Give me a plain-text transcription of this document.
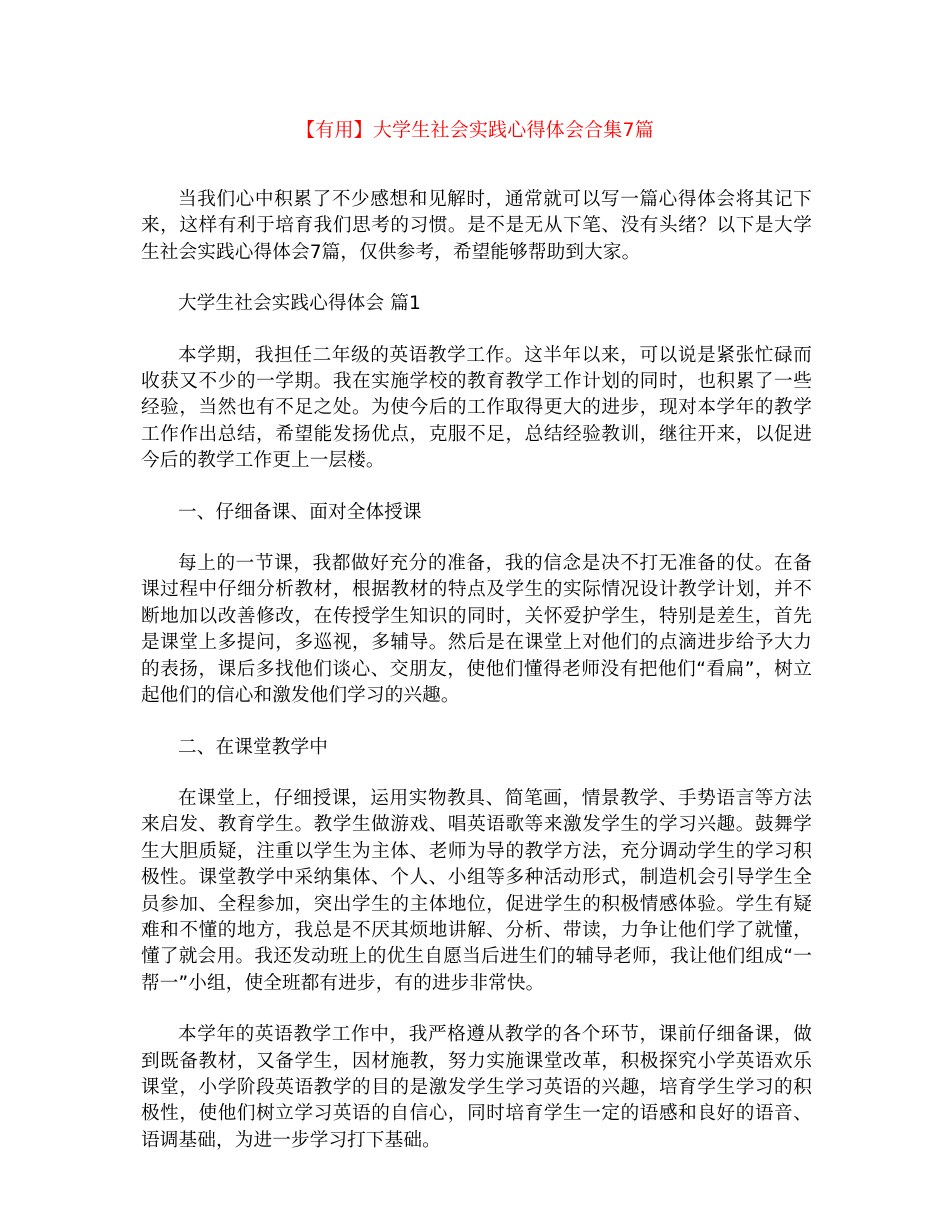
【有用】大学生社会实践心得体会合集7篇

当我们心中积累了不少感想和见解时，通常就可以写一篇心得体会将其记下来，这样有利于培育我们思考的习惯。是不是无从下笔、没有头绪？以下是大学生社会实践心得体会7篇，仅供参考，希望能够帮助到大家。

大学生社会实践心得体会 篇1

本学期，我担任二年级的英语教学工作。这半年以来，可以说是紧张忙碌而收获又不少的一学期。我在实施学校的教育教学工作计划的同时，也积累了一些经验，当然也有不足之处。为使今后的工作取得更大的进步，现对本学年的教学工作作出总结，希望能发扬优点，克服不足，总结经验教训，继往开来，以促进今后的教学工作更上一层楼。

一、仔细备课、面对全体授课

每上的一节课，我都做好充分的准备，我的信念是决不打无准备的仗。在备课过程中仔细分析教材，根据教材的特点及学生的实际情况设计教学计划，并不断地加以改善修改，在传授学生知识的同时，关怀爱护学生，特别是差生，首先是课堂上多提问，多巡视，多辅导。然后是在课堂上对他们的点滴进步给予大力的表扬，课后多找他们谈心、交朋友，使他们懂得老师没有把他们“看扁”，树立起他们的信心和激发他们学习的兴趣。

二、在课堂教学中

在课堂上，仔细授课，运用实物教具、简笔画，情景教学、手势语言等方法来启发、教育学生。教学生做游戏、唱英语歌等来激发学生的学习兴趣。鼓舞学生大胆质疑，注重以学生为主体、老师为导的教学方法，充分调动学生的学习积极性。课堂教学中采纳集体、个人、小组等多种活动形式，制造机会引导学生全员参加、全程参加，突出学生的主体地位，促进学生的积极情感体验。学生有疑难和不懂的地方，我总是不厌其烦地讲解、分析、带读，力争让他们学了就懂，懂了就会用。我还发动班上的优生自愿当后进生们的辅导老师，我让他们组成“一帮一”小组，使全班都有进步，有的进步非常快。

本学年的英语教学工作中，我严格遵从教学的各个环节，课前仔细备课，做到既备教材，又备学生，因材施教，努力实施课堂改革，积极探究小学英语欢乐课堂，小学阶段英语教学的目的是激发学生学习英语的兴趣，培育学生学习的积极性，使他们树立学习英语的自信心，同时培育学生一定的语感和良好的语音、语调基础，为进一步学习打下基础。
